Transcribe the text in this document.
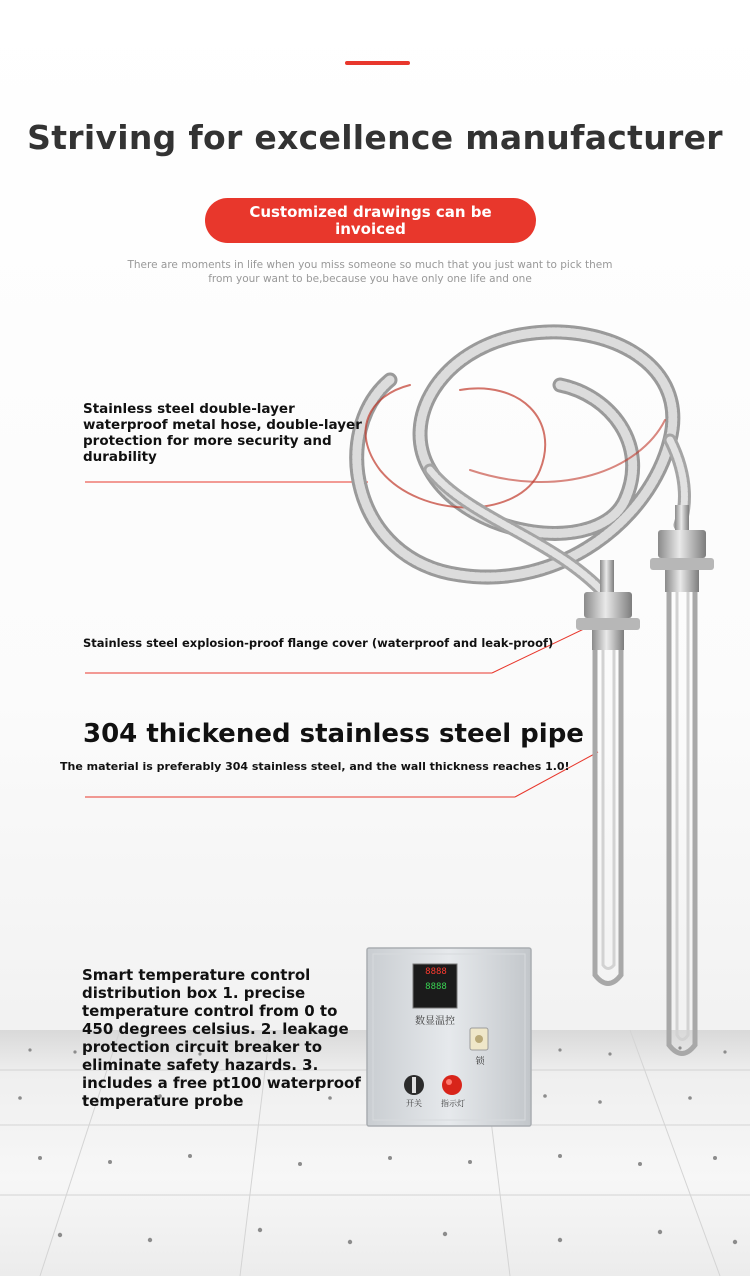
Striving for excellence manufacturer
Customized drawings can be invoiced
There are moments in life when you miss someone so much that you just want to pick them from your want to be,because you have only one life and one
8888
8888
数显温控
锁
开关	指示灯
Stainless steel double-layer waterproof metal hose, double-layer protection for more security and durability
Stainless steel explosion-proof flange cover (waterproof and leak-proof)
304 thickened stainless steel pipe
The material is preferably 304 stainless steel, and the wall thickness reaches 1.0!
Smart temperature control distribution box 1. precise temperature control from 0 to 450 degrees celsius. 2. leakage protection circuit breaker to eliminate safety hazards. 3. includes a free pt100 waterproof temperature probe
